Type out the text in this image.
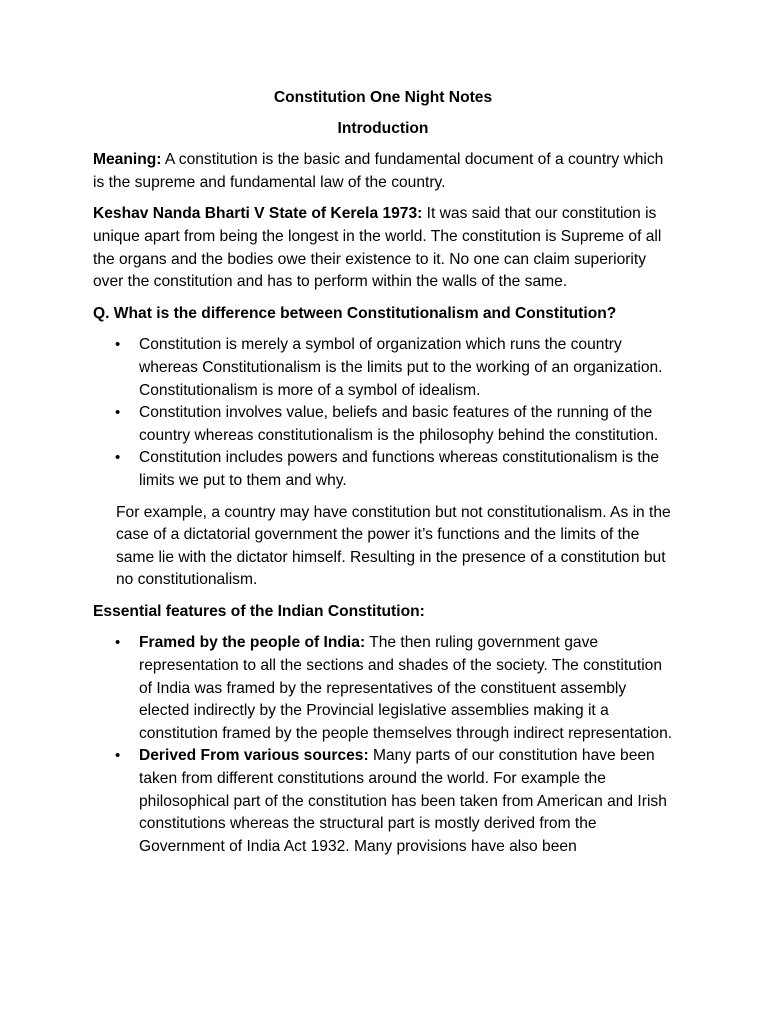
Constitution One Night Notes
Introduction

Meaning: A constitution is the basic and fundamental document of a country which is the supreme and fundamental law of the country.

Keshav Nanda Bharti V State of Kerela 1973: It was said that our constitution is unique apart from being the longest in the world. The constitution is Supreme of all the organs and the bodies owe their existence to it. No one can claim superiority over the constitution and has to perform within the walls of the same.

Q. What is the difference between Constitutionalism and Constitution?

• Constitution is merely a symbol of organization which runs the country whereas Constitutionalism is the limits put to the working of an organization. Constitutionalism is more of a symbol of idealism.
• Constitution involves value, beliefs and basic features of the running of the country whereas constitutionalism is the philosophy behind the constitution.
• Constitution includes powers and functions whereas constitutionalism is the limits we put to them and why.

For example, a country may have constitution but not constitutionalism. As in the case of a dictatorial government the power it’s functions and the limits of the same lie with the dictator himself. Resulting in the presence of a constitution but no constitutionalism.

Essential features of the Indian Constitution:

• Framed by the people of India: The then ruling government gave representation to all the sections and shades of the society. The constitution of India was framed by the representatives of the constituent assembly elected indirectly by the Provincial legislative assemblies making it a constitution framed by the people themselves through indirect representation.
• Derived From various sources: Many parts of our constitution have been taken from different constitutions around the world. For example the philosophical part of the constitution has been taken from American and Irish constitutions whereas the structural part is mostly derived from the Government of India Act 1932. Many provisions have also been
